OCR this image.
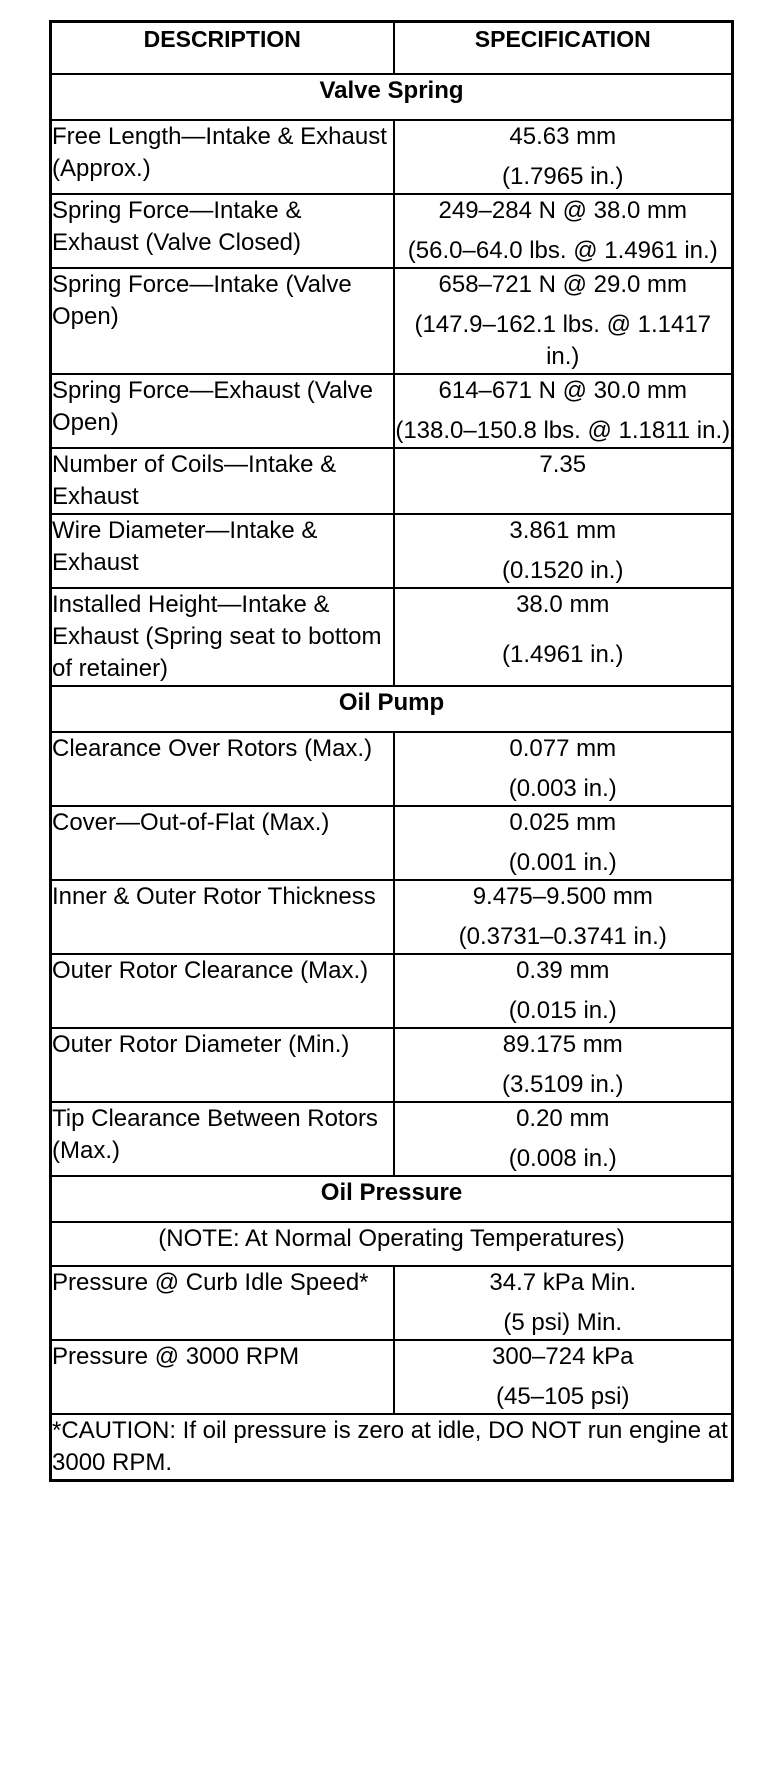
DESCRIPTION	SPECIFICATION
Valve Spring	
Free Length—Intake & Exhaust (Approx.)	45.63 mm
(1.7965 in.)

Spring Force—Intake & Exhaust (Valve Closed)	249–284 N @ 38.0 mm
(56.0–64.0 lbs. @ 1.4961 in.)

Spring Force—Intake (Valve Open)	658–721 N @ 29.0 mm
(147.9–162.1 lbs. @ 1.1417 in.)

Spring Force—Exhaust (Valve Open)	614–671 N @ 30.0 mm
(138.0–150.8 lbs. @ 1.1811 in.)

Number of Coils—Intake & Exhaust	7.35

Wire Diameter—Intake & Exhaust	3.861 mm
(0.1520 in.)

Installed Height—Intake & Exhaust (Spring seat to bottom of retainer)	38.0 mm
(1.4961 in.)

Oil Pump	
Clearance Over Rotors (Max.)	0.077 mm
(0.003 in.)

Cover—Out-of-Flat (Max.)	0.025 mm
(0.001 in.)

Inner & Outer Rotor Thickness	9.475–9.500 mm
(0.3731–0.3741 in.)

Outer Rotor Clearance (Max.)	0.39 mm
(0.015 in.)

Outer Rotor Diameter (Min.)	89.175 mm
(3.5109 in.)

Tip Clearance Between Rotors (Max.)	0.20 mm
(0.008 in.)

Oil Pressure	
(NOTE: At Normal Operating Temperatures)	
Pressure @ Curb Idle Speed*	34.7 kPa Min.
(5 psi) Min.

Pressure @ 3000 RPM	300–724 kPa
(45–105 psi)

*CAUTION: If oil pressure is zero at idle, DO NOT run engine at 3000 RPM.	
